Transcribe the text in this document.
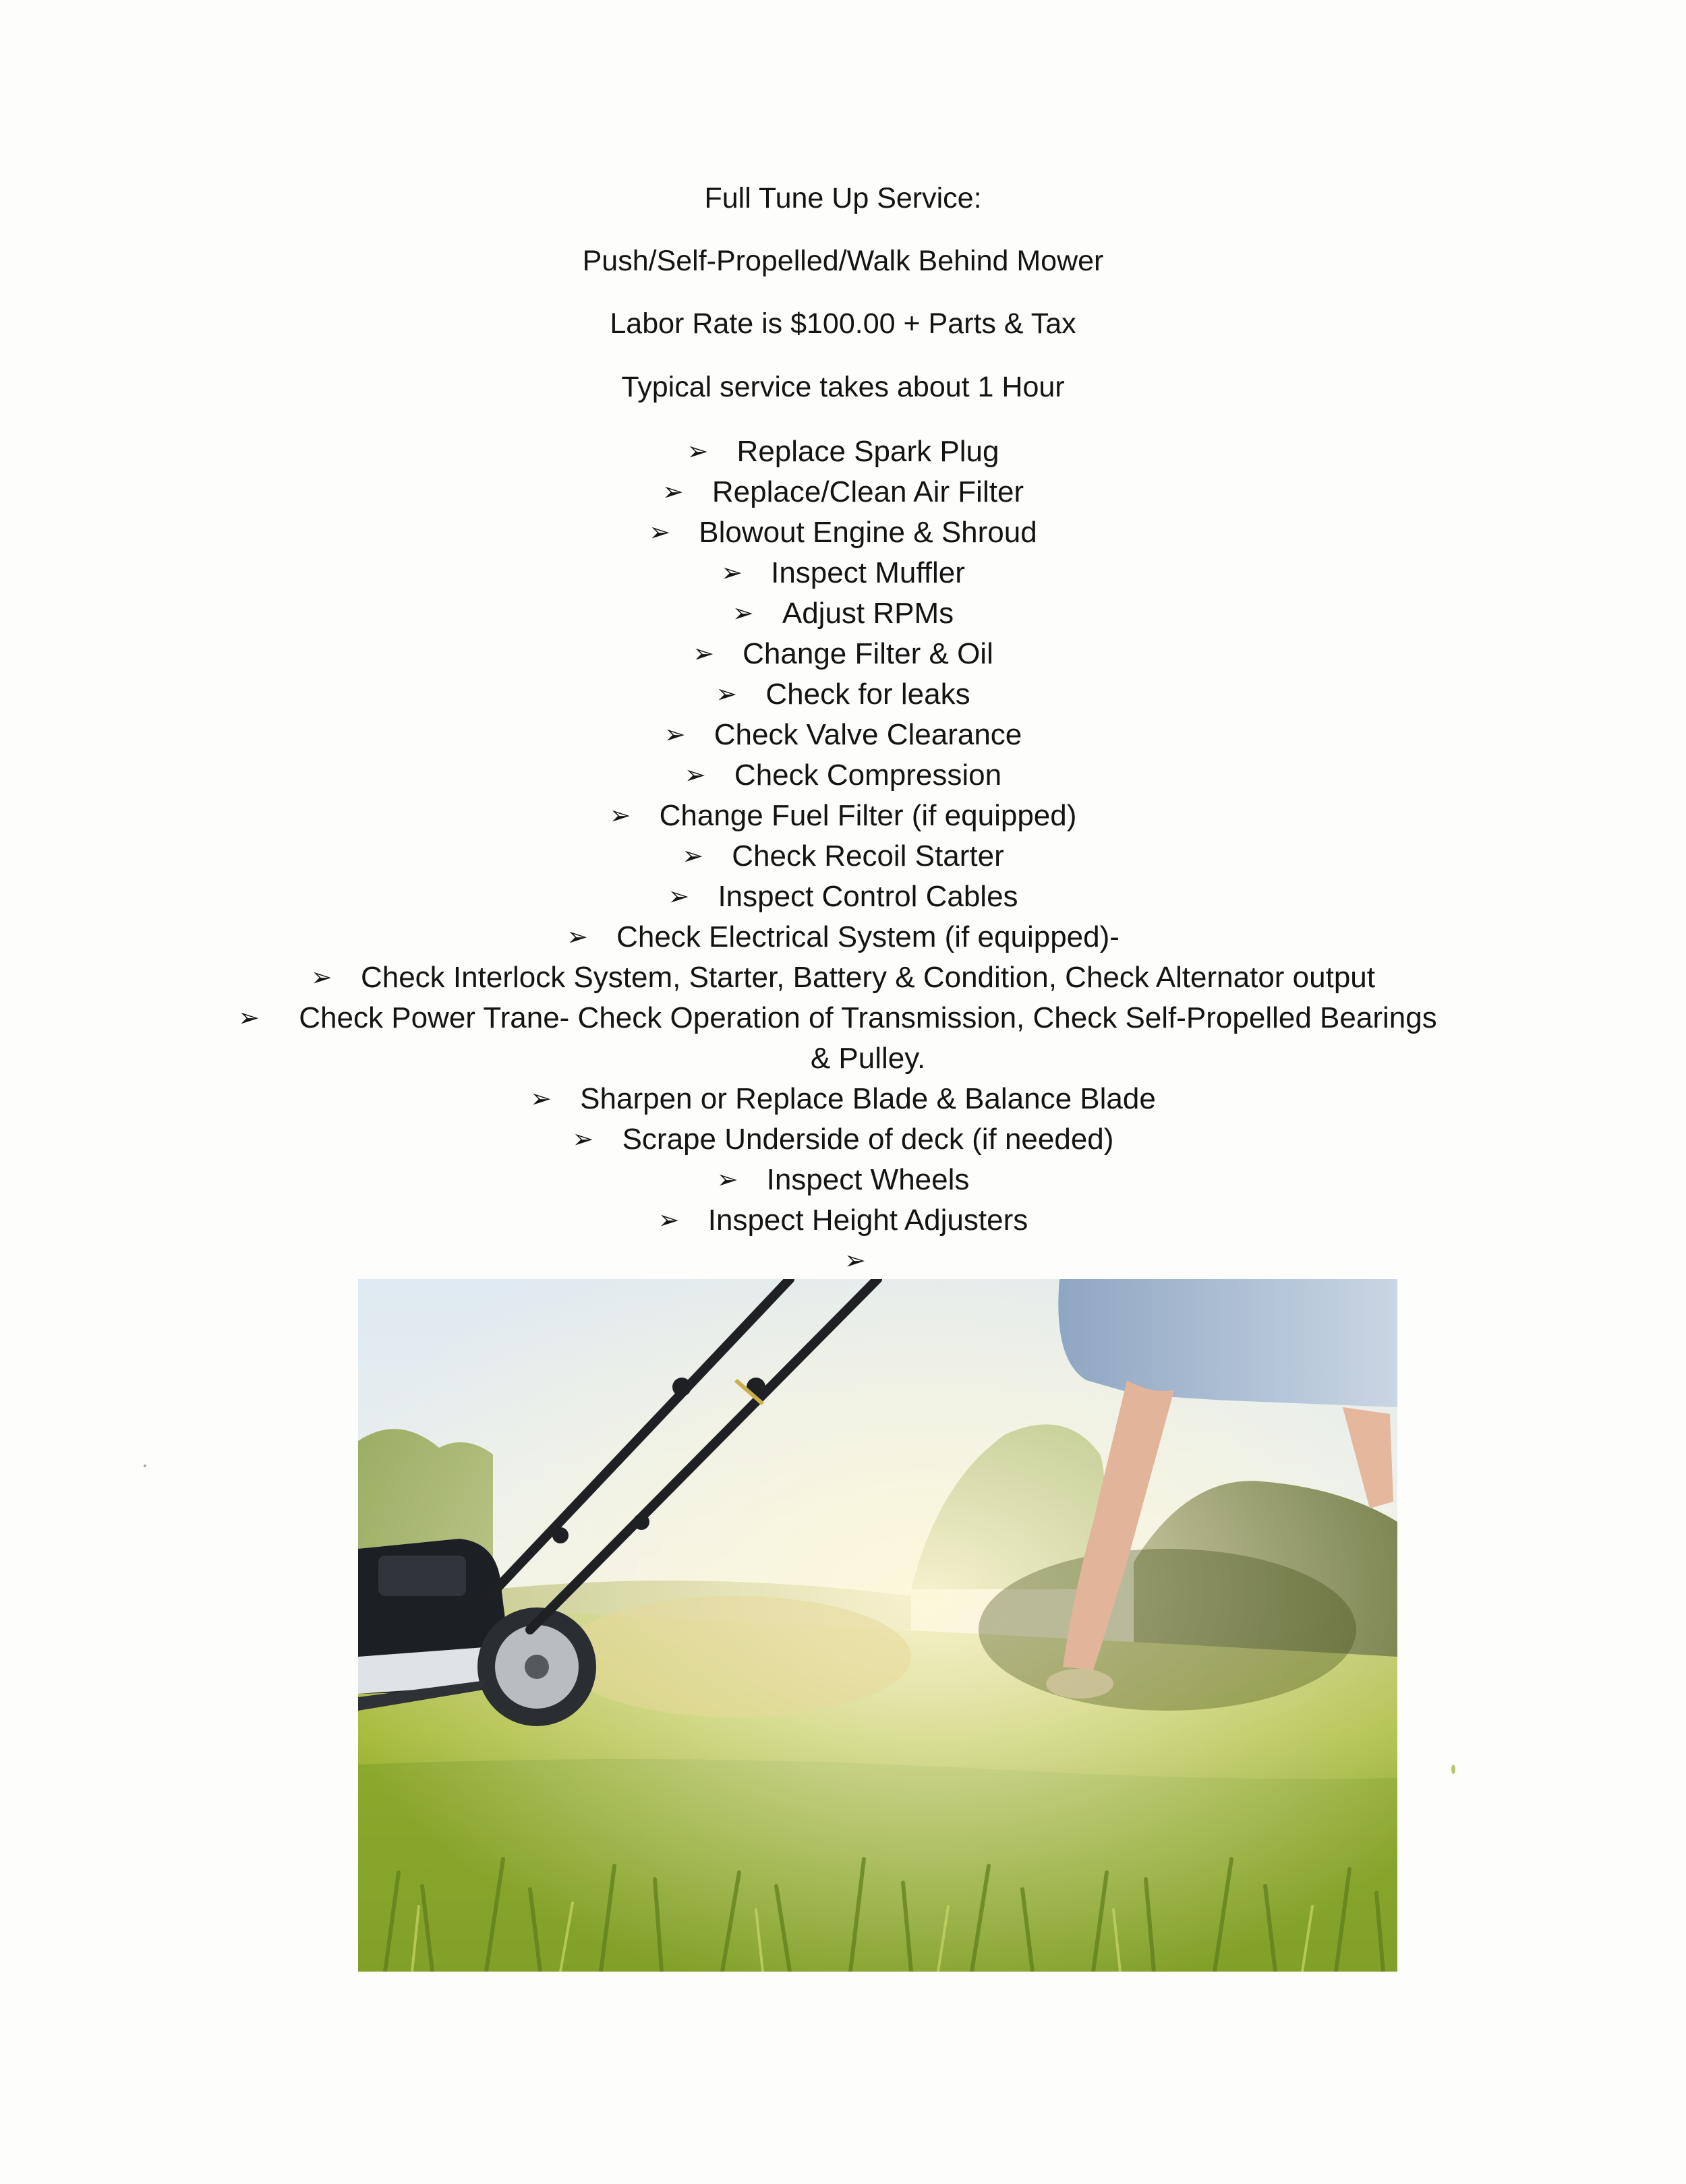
Full Tune Up Service:
Push/Self-Propelled/Walk Behind Mower
Labor Rate is $100.00 + Parts & Tax
Typical service takes about 1 Hour
➢ Replace Spark Plug
➢ Replace/Clean Air Filter
➢ Blowout Engine & Shroud
➢ Inspect Muffler
➢ Adjust RPMs
➢ Change Filter & Oil
➢ Check for leaks
➢ Check Valve Clearance
➢ Check Compression
➢ Change Fuel Filter (if equipped)
➢ Check Recoil Starter
➢ Inspect Control Cables
➢ Check Electrical System (if equipped)-
➢ Check Interlock System, Starter, Battery & Condition, Check Alternator output
➢	Check Power Trane- Check Operation of Transmission, Check Self-Propelled Bearings & Pulley.
➢ Sharpen or Replace Blade & Balance Blade
➢ Scrape Underside of deck (if needed)
➢ Inspect Wheels
➢ Inspect Height Adjusters
➢
